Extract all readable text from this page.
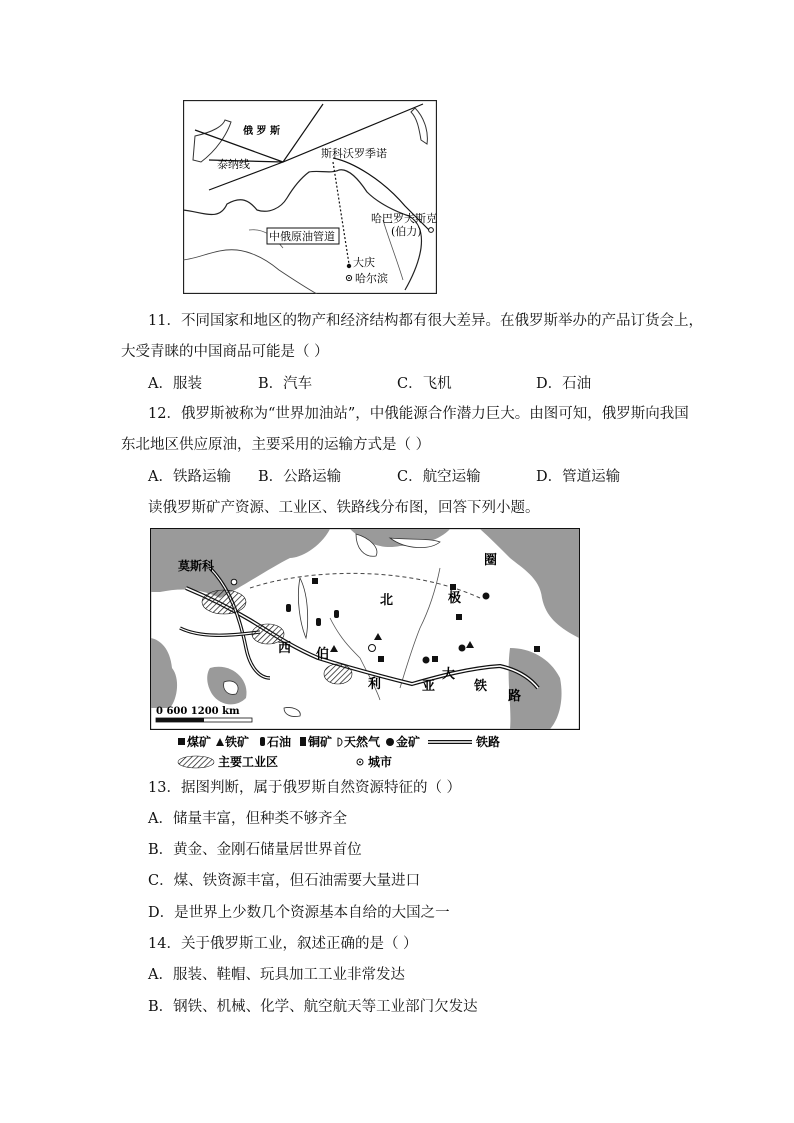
俄 罗 斯
泰纳线
斯科沃罗季诺
中俄原油管道
哈巴罗夫斯克
(伯力)
大庆
哈尔滨
11．不同国家和地区的物产和经济结构都有很大差异。在俄罗斯举办的产品订货会上，
大受青睐的中国商品可能是（ ）
A．服装	B．汽车	C．飞机	D．石油
12．俄罗斯被称为“世界加油站”，中俄能源合作潜力巨大。由图可知，俄罗斯向我国
东北地区供应原油，主要采用的运输方式是（ ）
A．铁路运输 B．公路运输	C．航空运输	D．管道运输
读俄罗斯矿产资源、工业区、铁路线分布图，回答下列小题。
莫斯科
北	极
圈
西 伯
利	亚
大
铁
路
0 600 1200 km
煤矿 铁矿 石油 铜矿 天然气 金矿	铁路
主要工业区	城市
13．据图判断，属于俄罗斯自然资源特征的（ ）
A．储量丰富，但种类不够齐全
B．黄金、金刚石储量居世界首位
C．煤、铁资源丰富，但石油需要大量进口
D．是世界上少数几个资源基本自给的大国之一
14．关于俄罗斯工业，叙述正确的是（ ）
A．服装、鞋帽、玩具加工工业非常发达
B．钢铁、机械、化学、航空航天等工业部门欠发达
